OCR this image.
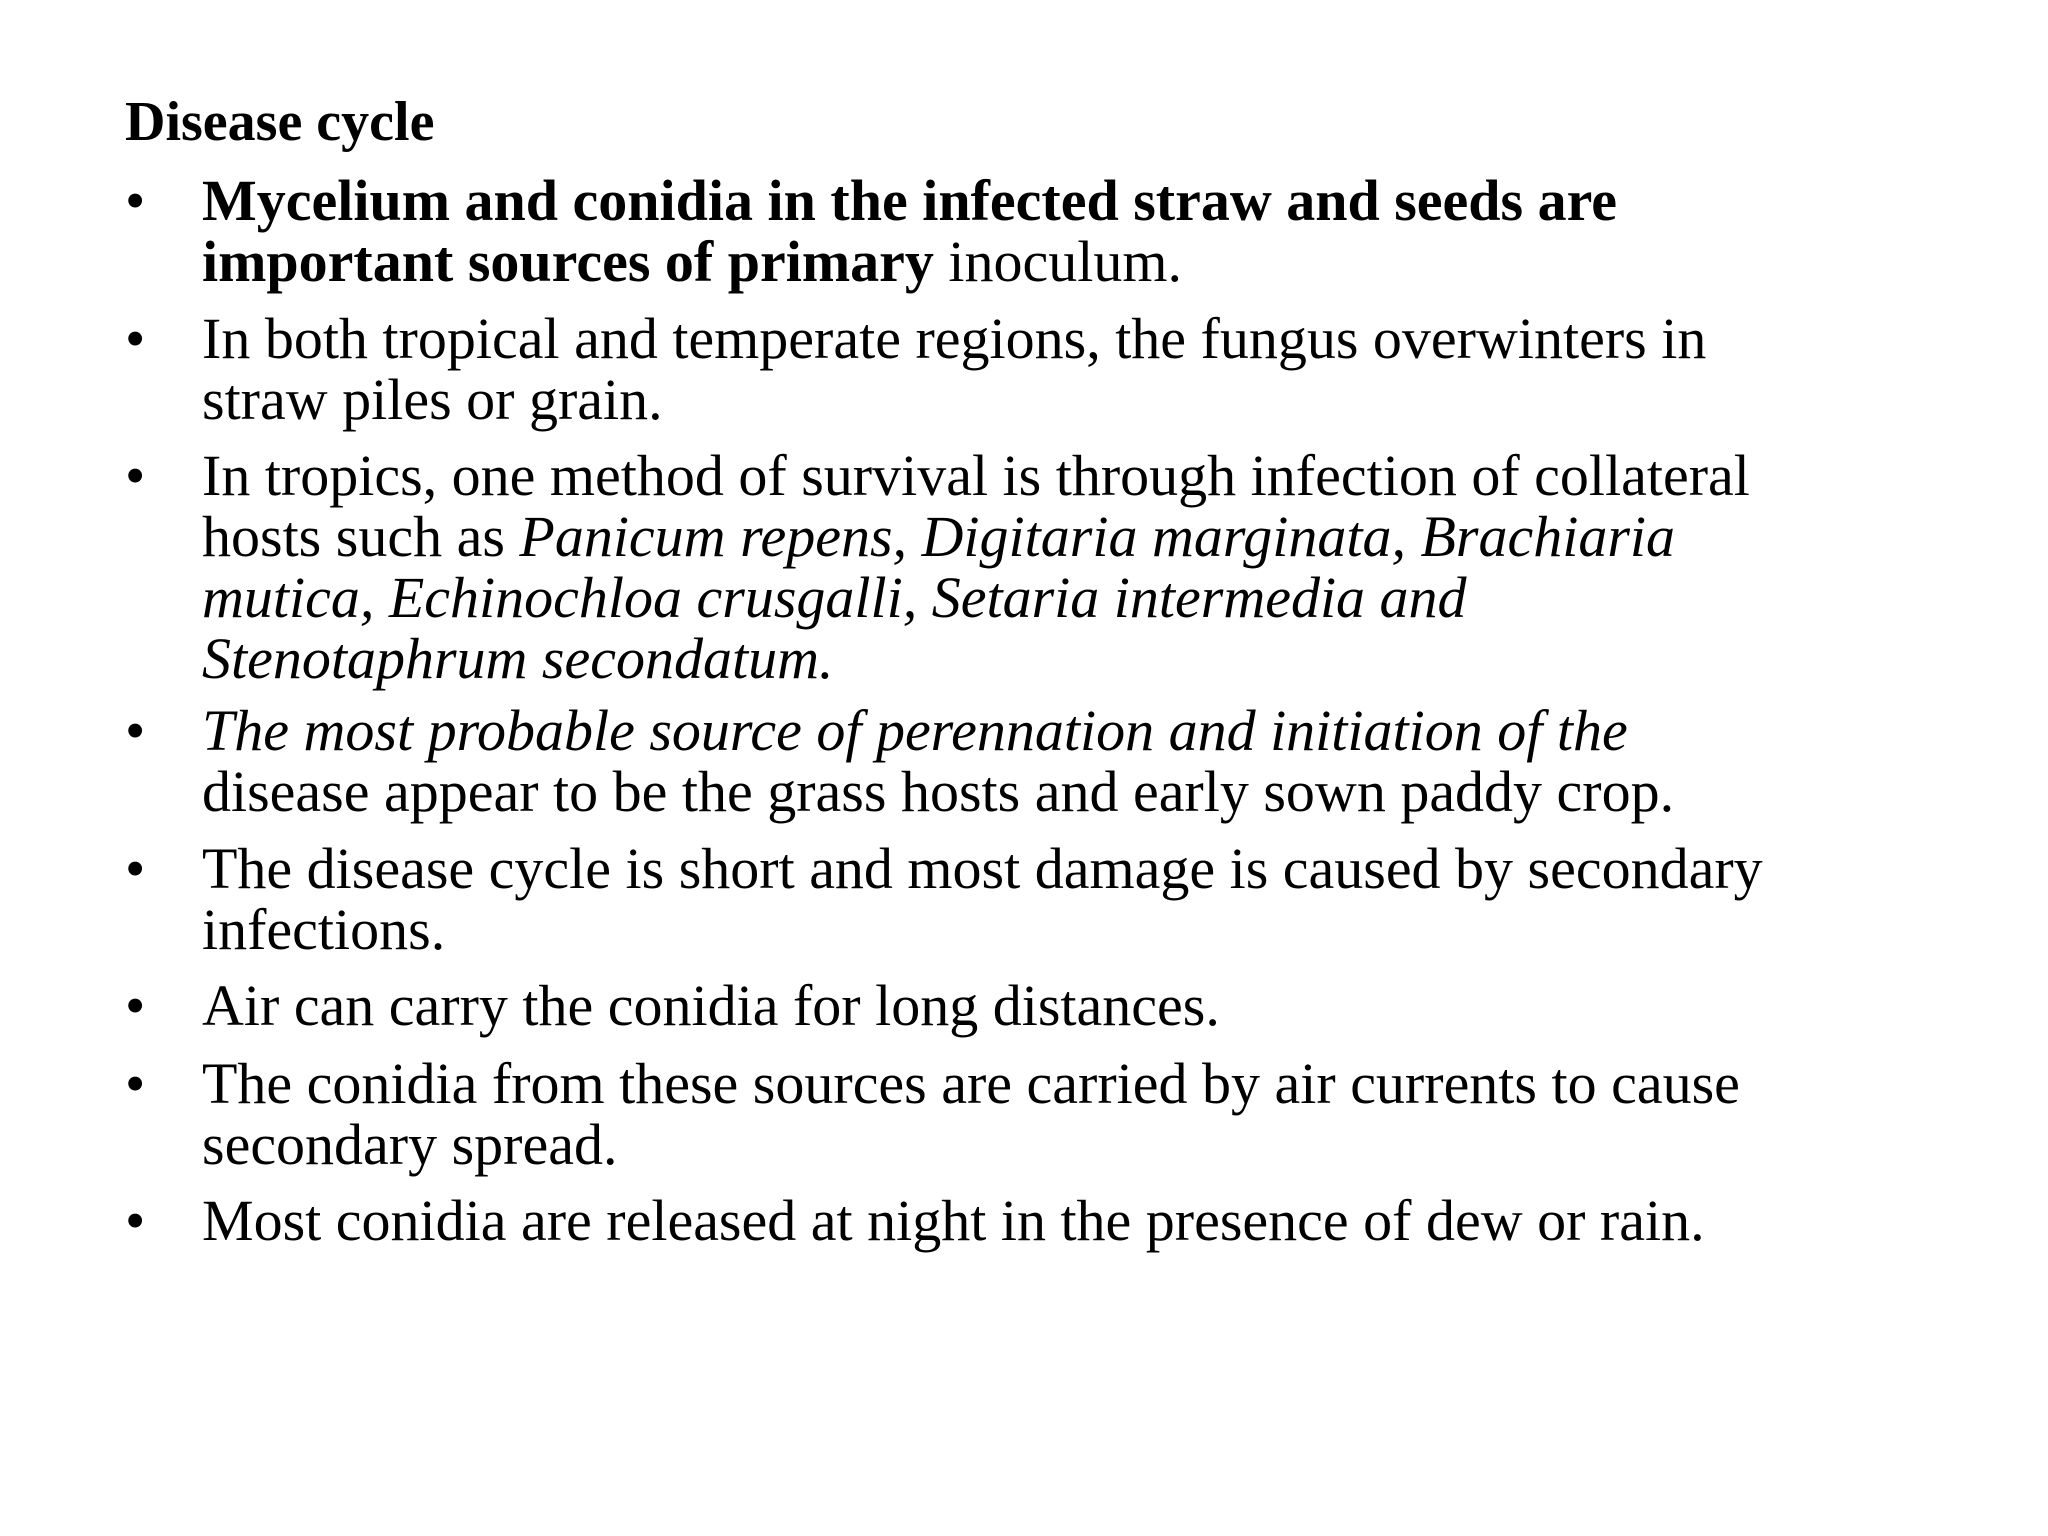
Disease cycle
• Mycelium and conidia in the infected straw and seeds are
important sources of primary inoculum.
• In both tropical and temperate regions, the fungus overwinters in
straw piles or grain.
• In tropics, one method of survival is through infection of collateral
hosts such as Panicum repens, Digitaria marginata, Brachiaria
mutica, Echinochloa crusgalli, Setaria intermedia and
Stenotaphrum secondatum.
• The most probable source of perennation and initiation of the
disease appear to be the grass hosts and early sown paddy crop.
• The disease cycle is short and most damage is caused by secondary
infections.
• Air can carry the conidia for long distances.
• The conidia from these sources are carried by air currents to cause
secondary spread.
• Most conidia are released at night in the presence of dew or rain.
